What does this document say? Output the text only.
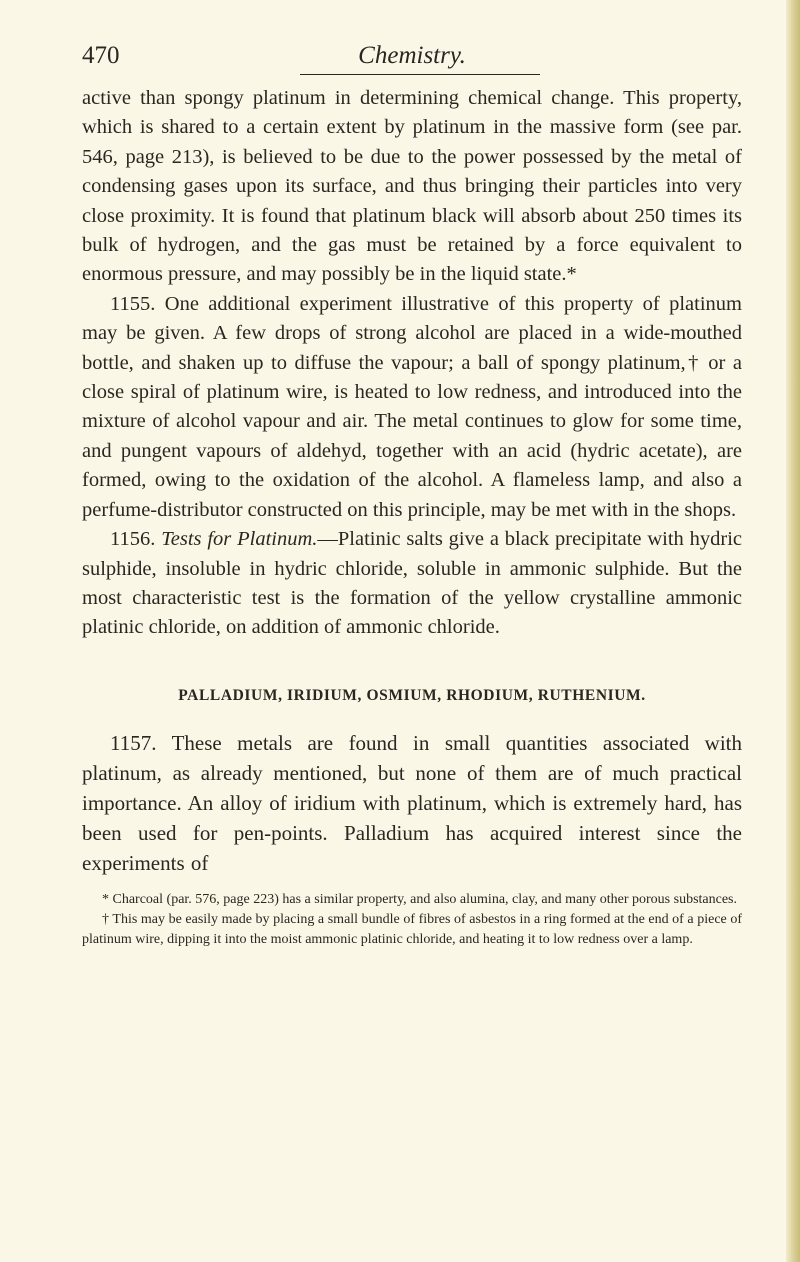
470	Chemistry.

active than spongy platinum in determining chemical change. This property, which is shared to a certain extent by platinum in the massive form (see par. 546, page 213), is believed to be due to the power possessed by the metal of condensing gases upon its surface, and thus bringing their particles into very close proximity. It is found that platinum black will absorb about 250 times its bulk of hydrogen, and the gas must be retained by a force equivalent to enormous pressure, and may possibly be in the liquid state.*

1155. One additional experiment illustrative of this property of platinum may be given. A few drops of strong alcohol are placed in a wide-mouthed bottle, and shaken up to diffuse the vapour; a ball of spongy platinum,† or a close spiral of platinum wire, is heated to low redness, and introduced into the mixture of alcohol vapour and air. The metal continues to glow for some time, and pungent vapours of aldehyd, together with an acid (hydric acetate), are formed, owing to the oxidation of the alcohol. A flameless lamp, and also a perfume-distributor constructed on this principle, may be met with in the shops.

1156. Tests for Platinum.—Platinic salts give a black precipitate with hydric sulphide, insoluble in hydric chloride, soluble in ammonic sulphide. But the most characteristic test is the formation of the yellow crystalline ammonic platinic chloride, on addition of ammonic chloride.

PALLADIUM, IRIDIUM, OSMIUM, RHODIUM, RUTHENIUM.

1157. These metals are found in small quantities associated with platinum, as already mentioned, but none of them are of much practical importance. An alloy of iridium with platinum, which is extremely hard, has been used for pen-points. Palladium has acquired interest since the experiments of

* Charcoal (par. 576, page 223) has a similar property, and also alumina, clay, and many other porous substances.

† This may be easily made by placing a small bundle of fibres of asbestos in a ring formed at the end of a piece of platinum wire, dipping it into the moist ammonic platinic chloride, and heating it to low redness over a lamp.
